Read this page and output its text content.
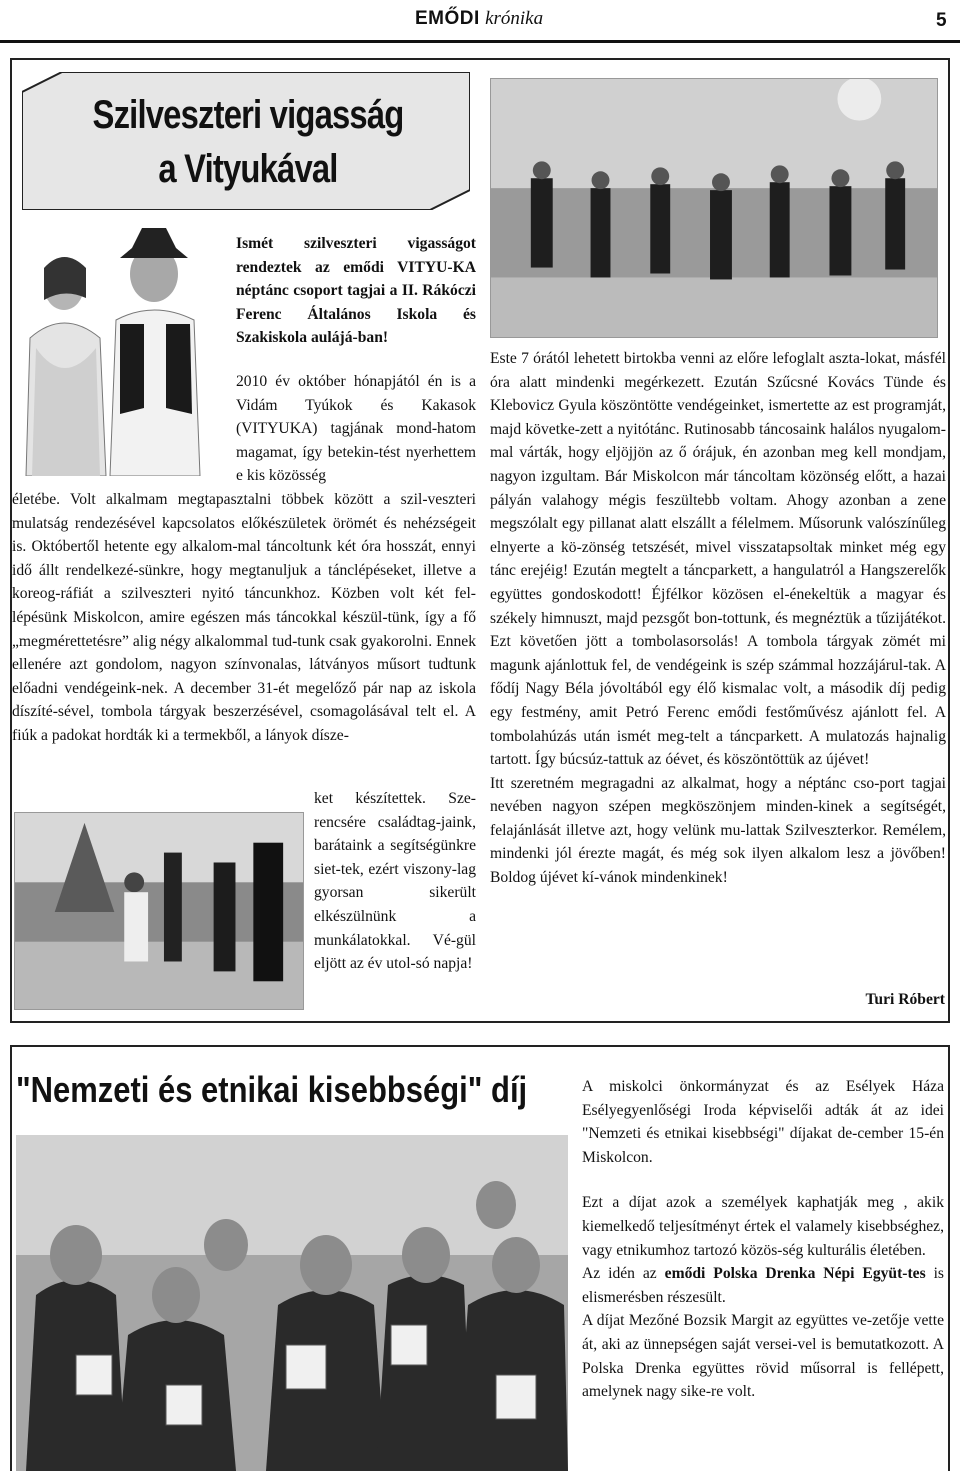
EMŐDI krónika	5
Szilveszteri vigasság
a Vityukával
Ismét szilveszteri vigasságot rendeztek az emődi VITYU-KA néptánc csoport tagjai a II. Rákóczi Ferenc Általános Iskola és Szakiskola aulájá-ban!
2010 év október hónapjától én is a Vidám Tyúkok és Kakasok (VITYUKA) tagjának mond-hatom magamat, így betekin-tést nyerhettem e kis közösség
életébe. Volt alkalmam megtapasztalni többek között a szil-veszteri mulatság rendezésével kapcsolatos előkészületek örömét és nehézségeit is. Októbertől hetente egy alkalom-mal táncoltunk két óra hosszát, ennyi idő állt rendelkezé-sünkre, hogy megtanuljuk a tánclépéseket, illetve a koreog-ráfiát a szilveszteri nyitó táncunkhoz. Közben volt két fel-lépésünk Miskolcon, amire egészen más táncokkal készül-tünk, így a fő „megmérettetésre” alig négy alkalommal tud-tunk csak gyakorolni. Ennek ellenére azt gondolom, nagyon színvonalas, látványos műsort tudtunk előadni vendégeink-nek. A december 31-ét megelőző pár nap az iskola díszíté-sével, tombola tárgyak beszerzésével, csomagolásával telt el. A fiúk a padokat hordták ki a termekből, a lányok dísze-
ket készítettek. Sze-rencsére családtag-jaink, barátaink a segítségünkre siet-tek, ezért viszony-lag gyorsan sikerült elkészülnünk a munkálatokkal. Vé-gül eljött az év utol-só napja!

Este 7 órától lehetett birtokba venni az előre lefoglalt aszta-lokat, másfél óra alatt mindenki megérkezett. Ezután Szűcsné Kovács Tünde és Klebovicz Gyula köszöntötte vendégeinket, ismertette az est programját, majd követke-zett a nyitótánc. Rutinosabb táncosaink halálos nyugalom-mal várták, hogy eljöjjön az ő órájuk, én azonban meg kell mondjam, nagyon izgultam. Bár Miskolcon már táncoltam közönség előtt, a hazai pályán valahogy mégis feszültebb voltam. Ahogy azonban a zene megszólalt egy pillanat alatt elszállt a félelmem. Műsorunk valószínűleg elnyerte a kö-zönség tetszését, mivel visszatapsoltak minket még egy tánc erejéig! Ezután megtelt a táncparkett, a hangulatról a Hangszerelők együttes gondoskodott! Éjfélkor közösen el-énekeltük a magyar és székely himnuszt, majd pezsgőt bon-tottunk, és megnéztük a tűzijátékot. Ezt követően jött a tombolasorsolás! A tombola tárgyak zömét mi magunk ajánlottuk fel, de vendégeink is szép számmal hozzájárul-tak. A fődíj Nagy Béla jóvoltából egy élő kismalac volt, a második díj pedig egy festmény, amit Petró Ferenc emődi festőművész ajánlott fel. A tombolahúzás után ismét meg-telt a táncparkett. A mulatozás hajnalig tartott. Így búcsúz-tattuk az óévet, és köszöntöttük az újévet!

Itt szeretném megragadni az alkalmat, hogy a néptánc cso-port tagjai nevében nagyon szépen megköszönjem minden-kinek a segítségét, felajánlását illetve azt, hogy velünk mu-lattak Szilveszterkor. Remélem, mindenki jól érezte magát, és még sok ilyen alkalom lesz a jövőben! Boldog újévet kí-vánok mindenkinek!

Turi Róbert
"Nemzeti és etnikai kisebbségi" díj	A miskolci önkormányzat és az Esélyek Háza Esélyegyenlőségi Iroda képviselői adták át az idei "Nemzeti és etnikai kisebbségi" díjakat de-cember 15-én Miskolcon.

Ezt a díjat azok a személyek kaphatják meg , akik kiemelkedő teljesítményt értek el valamely kisebbséghez, vagy etnikumhoz tartozó közös-ség kulturális életében.

Az idén az emődi Polska Drenka Népi Együt-tes is elismerésben részesült.

A díjat Mezőné Bozsik Margit az együttes ve-zetője vette át, aki az ünnepségen saját versei-vel is bemutatkozott. A Polska Drenka együttes rövid műsorral is fellépett, amelynek nagy sike-re volt.
